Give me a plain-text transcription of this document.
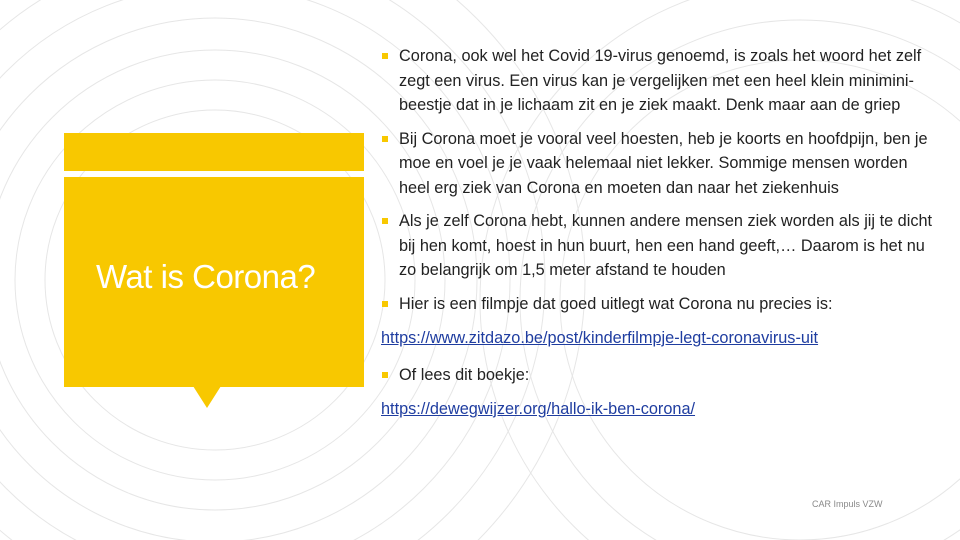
Wat is Corona?
Corona, ook wel het Covid 19-virus genoemd, is zoals het woord het zelf zegt een virus. Een virus kan je vergelijken met een heel klein minimini-beestje dat in je lichaam zit en je ziek maakt. Denk maar aan de griep
Bij Corona moet je vooral veel hoesten, heb je koorts en hoofdpijn, ben je moe en voel je je vaak helemaal niet lekker. Sommige mensen worden heel erg ziek van Corona en moeten dan naar het ziekenhuis
Als je zelf Corona hebt, kunnen andere mensen ziek worden als jij te dicht bij hen komt, hoest in hun buurt, hen een hand geeft,… Daarom is het nu zo belangrijk om 1,5 meter afstand te houden
Hier is een filmpje dat goed uitlegt wat Corona nu precies is:
https://www.zitdazo.be/post/kinderfilmpje-legt-coronavirus-uit
Of lees dit boekje:
https://dewegwijzer.org/hallo-ik-ben-corona/
CAR Impuls VZW
